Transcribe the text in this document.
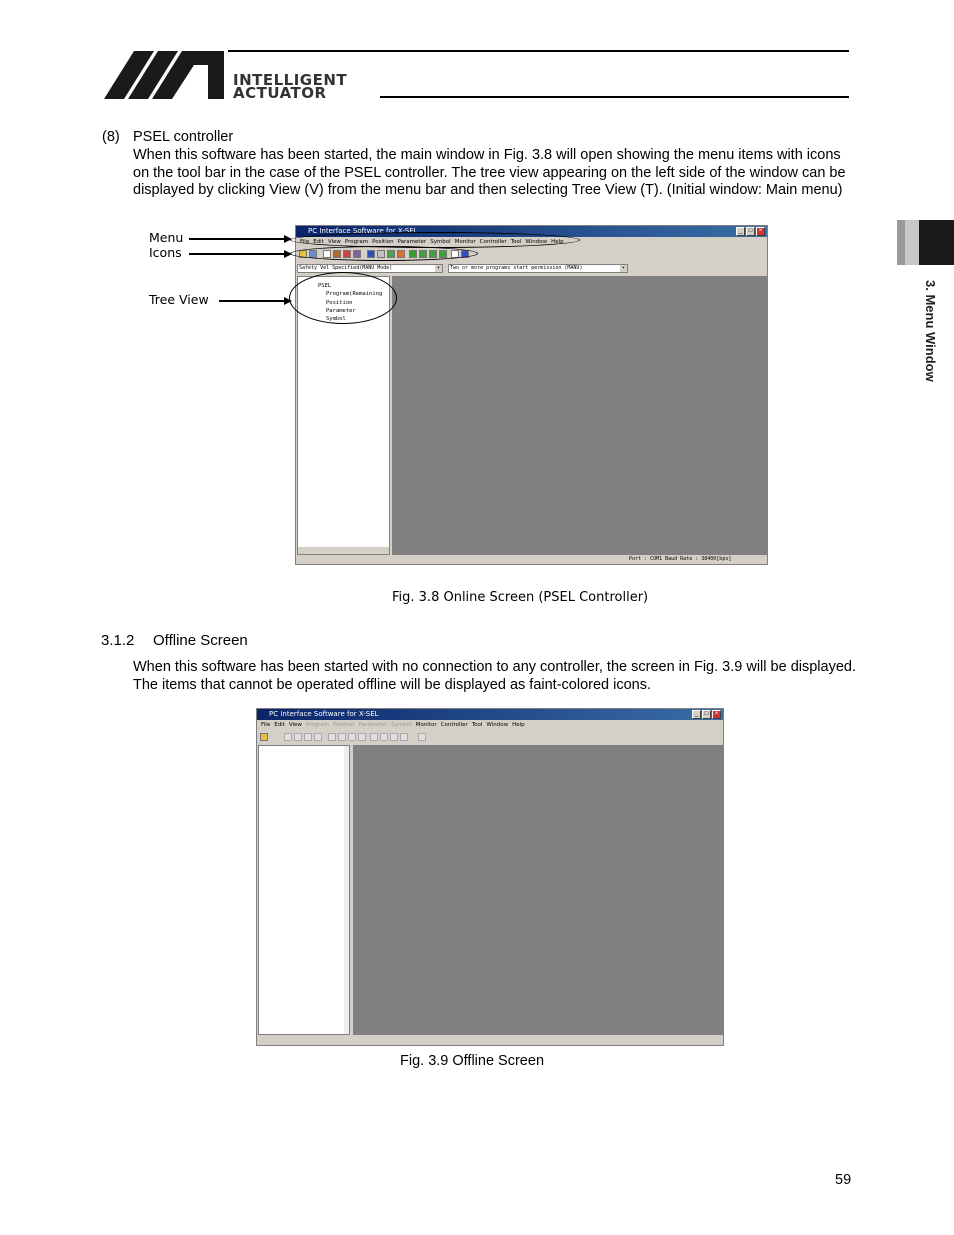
INTELLIGENT
ACTUATOR
3. Menu Window
(8) PSEL controller
When this software has been started, the main window in Fig. 3.8 will open showing the menu items with icons on the tool bar in the case of the PSEL controller. The tree view appearing on the left side of the window can be displayed by clicking View (V) from the menu bar and then selecting Tree View (T). (Initial window: Main menu)
PC Interface Software for X-SEL	_	□	×
File Edit View Program Position Parameter Symbol Monitor Controller Tool Window Help
Safety Vel Specified(MANU Mode)	▾	Two or more programs start permission (MANU)	▾
PSEL
Program(Remaining
Position
Parameter
Symbol
Port : COM1 Baud Rate : 38400[bps]
Menu
Icons
Tree View
Fig. 3.8 Online Screen (PSEL Controller)
3.1.2 Offline Screen
When this software has been started with no connection to any controller, the screen in Fig. 3.9 will be displayed. The items that cannot be operated offline will be displayed as faint-colored icons.
PC Interface Software for X-SEL	_	□	×
File Edit View Program Position Parameter Symbol Monitor Controller Tool Window Help
Fig. 3.9 Offline Screen
59
